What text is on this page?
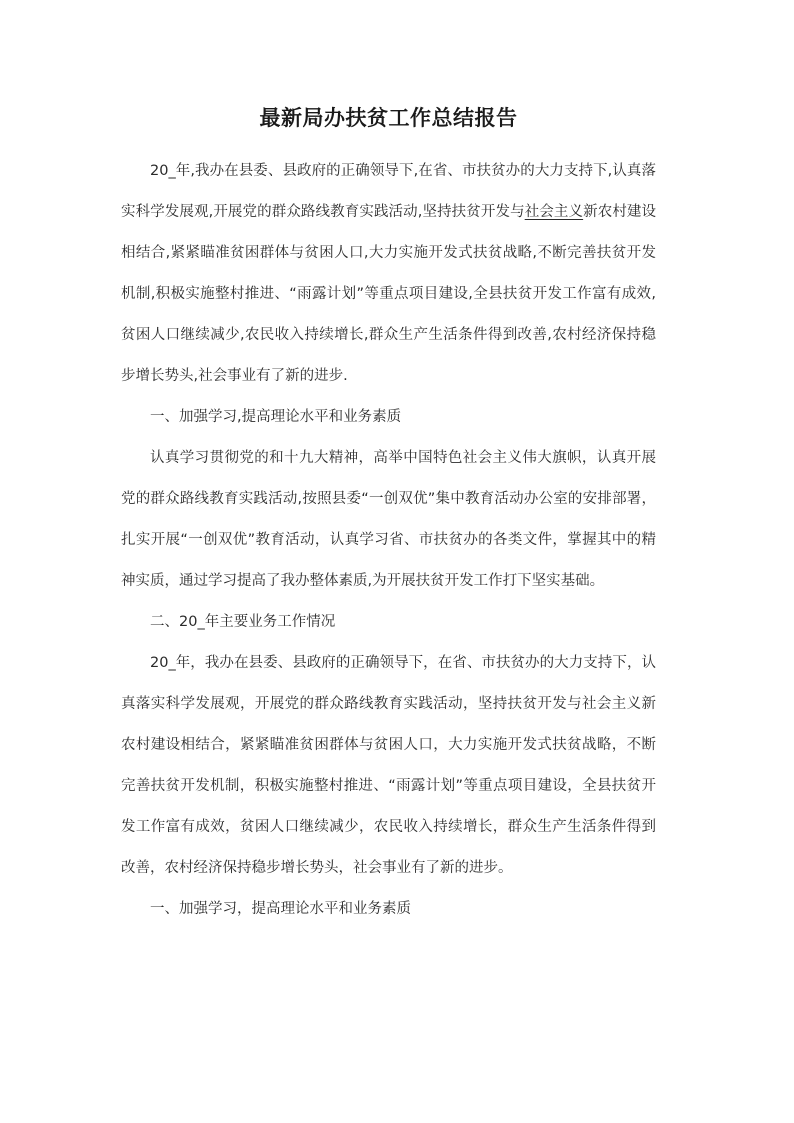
最新局办扶贫工作总结报告

20_年,我办在县委、县政府的正确领导下,在省、市扶贫办的大力支持下,认真落实科学发展观,开展党的群众路线教育实践活动,坚持扶贫开发与社会主义新农村建设相结合,紧紧瞄准贫困群体与贫困人口,大力实施开发式扶贫战略,不断完善扶贫开发机制,积极实施整村推进、“雨露计划”等重点项目建设,全县扶贫开发工作富有成效,贫困人口继续减少,农民收入持续增长,群众生产生活条件得到改善,农村经济保持稳步增长势头,社会事业有了新的进步.

一、加强学习,提高理论水平和业务素质

认真学习贯彻党的和十九大精神，高举中国特色社会主义伟大旗帜，认真开展党的群众路线教育实践活动,按照县委“一创双优”集中教育活动办公室的安排部署，扎实开展“一创双优”教育活动，认真学习省、市扶贫办的各类文件，掌握其中的精神实质，通过学习提高了我办整体素质,为开展扶贫开发工作打下坚实基础。

二、20_年主要业务工作情况

20_年，我办在县委、县政府的正确领导下，在省、市扶贫办的大力支持下，认真落实科学发展观，开展党的群众路线教育实践活动，坚持扶贫开发与社会主义新农村建设相结合，紧紧瞄准贫困群体与贫困人口，大力实施开发式扶贫战略，不断完善扶贫开发机制，积极实施整村推进、“雨露计划”等重点项目建设，全县扶贫开发工作富有成效，贫困人口继续减少，农民收入持续增长，群众生产生活条件得到改善，农村经济保持稳步增长势头，社会事业有了新的进步。

一、加强学习，提高理论水平和业务素质
